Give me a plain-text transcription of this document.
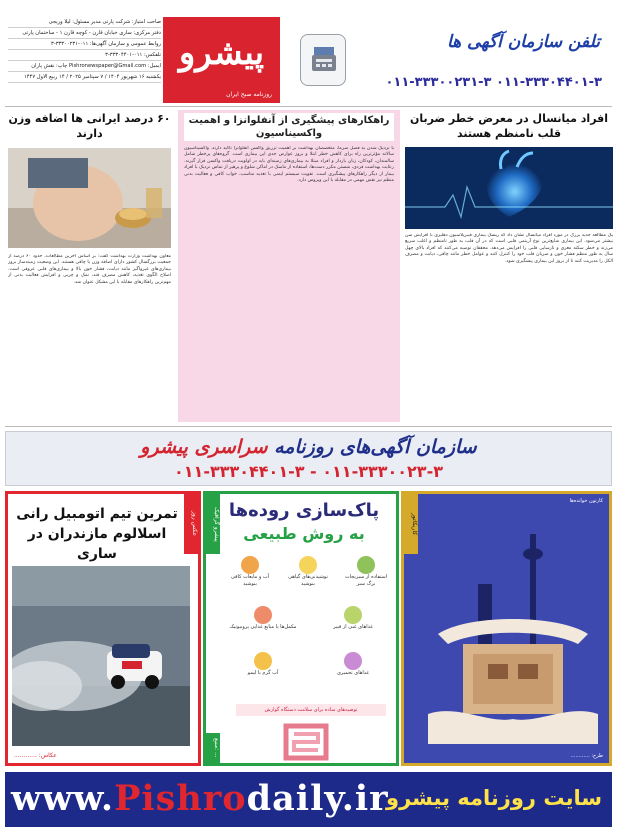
صاحب امتیاز: شرکت پارتی مدیر مسئول: لیلا وریجی
دفتر مرکزی: ساری خیابان قارن - کوچه قارن ۱ - ساختمان پارتی
روابط عمومی و سازمان آگهی‌ها: ۰۱۱-۳۳۳۰۰۲۳۱-۳
تلفکس: ۰۱۱-۳۳۳۰۴۴۰۱-۳
ایمیل: Pishronewspaper@Gmail.com چاپ: نقش پاران
یکشنبه ۱۶ شهریور ۱۴۰۴ / ۷ سپتامبر ۲۰۲۵ / ۱۴ ربیع الاول ۱۴۴۷
پیشرو
روزنامه صبح ایران
تلفن سازمان آگهی ها
۰۱۱-۳۳۳۰۰۲۳۱-۳ ۰۱۱-۳۳۳۰۴۴۰۱-۳
افراد میانسال در معرض خطر ضربان قلب نامنظم هستند
یک مطالعه جدید بزرگ در مورد افراد میانسال نشان داد که ریسک بیماری فیبریلاسیون دهلیزی با افزایش سن بیشتر می‌شود. این بیماری شایع‌ترین نوع آریتمی قلبی است که در آن قلب به طور نامنظم و اغلب سریع می‌زند و خطر سکته مغزی و نارسایی قلبی را افزایش می‌دهد. محققان توصیه می‌کنند که افراد بالای چهل سال به طور منظم فشار خون و ضربان قلب خود را کنترل کنند و عوامل خطر مانند چاقی، دیابت و مصرف الکل را مدیریت کنند تا از بروز این بیماری پیشگیری شود.
راهکارهای پیشگیری از آنفلوانزا و اهمیت واکسیناسیون
با نزدیک شدن به فصل سرما، متخصصان بهداشت بر اهمیت تزریق واکسن آنفلوانزا تاکید دارند. واکسیناسیون سالانه مؤثرترین راه برای کاهش خطر ابتلا و بروز عوارض جدی این بیماری است. گروه‌های پرخطر شامل سالمندان، کودکان، زنان باردار و افراد مبتلا به بیماری‌های زمینه‌ای باید در اولویت دریافت واکسن قرار گیرند. رعایت بهداشت فردی، شستن مکرر دست‌ها، استفاده از ماسک در اماکن شلوغ و پرهیز از تماس نزدیک با افراد بیمار از دیگر راهکارهای پیشگیری است. تقویت سیستم ایمنی با تغذیه مناسب، خواب کافی و فعالیت بدنی منظم نیز نقش مهمی در مقابله با این ویروس دارد.
۶۰ درصد ایرانی ها اضافه وزن دارند
معاون بهداشت وزارت بهداشت گفت: بر اساس آخرین مطالعات، حدود ۶۰ درصد از جمعیت بزرگسال کشور دارای اضافه وزن یا چاقی هستند. این وضعیت زمینه‌ساز بروز بیماری‌های غیرواگیر مانند دیابت، فشار خون بالا و بیماری‌های قلبی عروقی است. اصلاح الگوی تغذیه، کاهش مصرف قند، نمک و چربی و افزایش فعالیت بدنی از مهم‌ترین راهکارهای مقابله با این مشکل عنوان شد.
سازمان آگهی‌های روزنامه سراسری پیشرو
۰۱۱-۳۳۳۰۴۴۰۱-۳ - ۰۱۱-۳۳۳۰۰۲۳-۳
عکس روز
تمرین تیم اتومبیل رانی اسلالوم مازندران در ساری
عکاس: ............
پیشرو گرافیک پاک‌سازی روده‌ها
به روش طبیعی
آب و مایعات کافی بنوشید
نوشیدنی‌های گیاهی بنوشید
استفاده از سبزیجات برگ سبز
مکمل‌ها یا منابع غذایی پروبیوتیک	غذاهای غنی از فیبر
آب گرم با لیمو	غذاهای تخمیری
توصیه‌های ساده برای سلامت دستگاه گوارش
منبع: ...
کاریکاتور
کارتون خوانده‌ها
طرح: ............
www.Pishrodaily.ir
سایت روزنامه پیشرو
